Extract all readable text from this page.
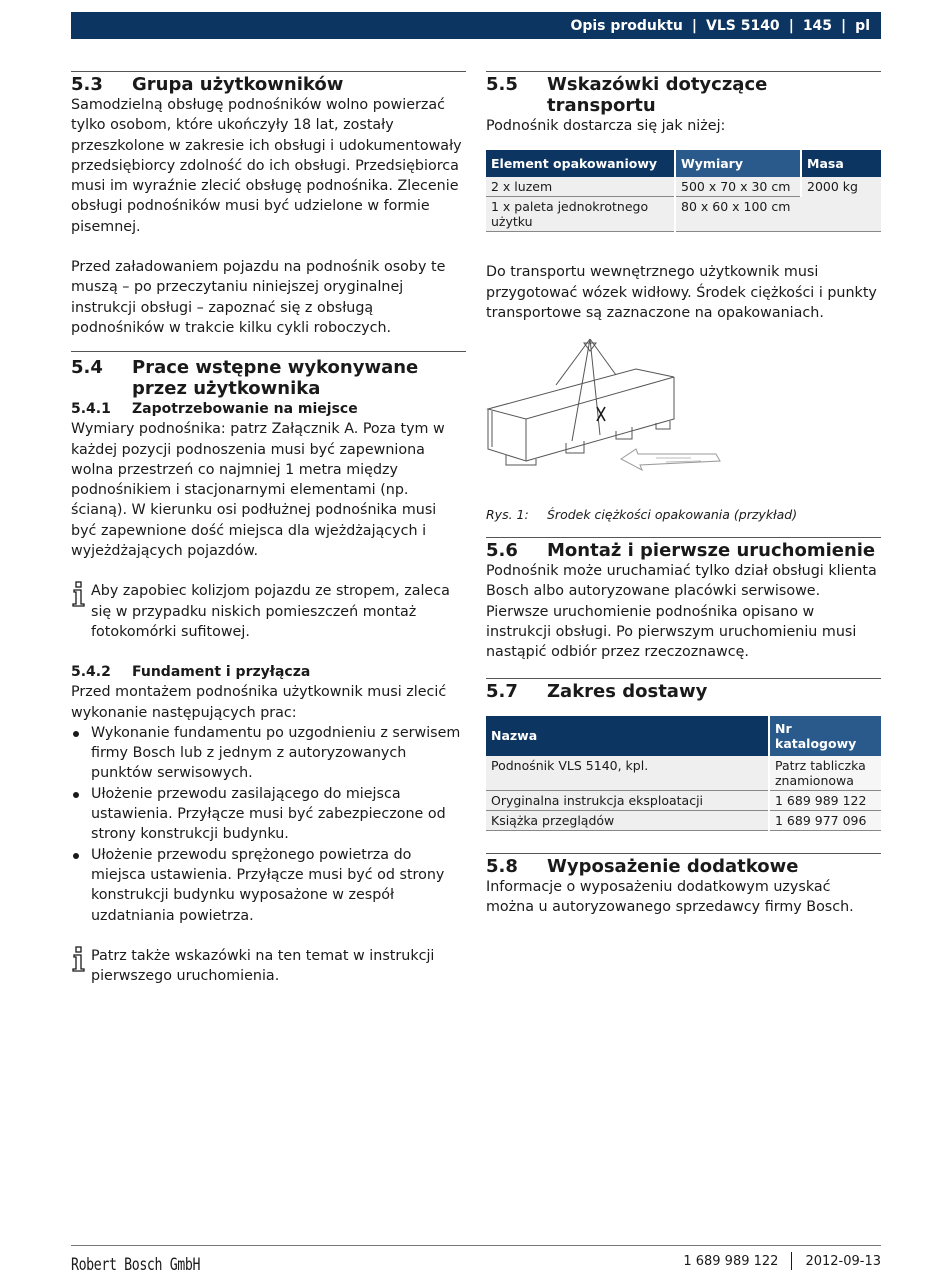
Opis produktu | VLS 5140 | 145 | pl
5.3	Grupa użytkowników

Samodzielną obsługę podnośników wolno powierzać tylko osobom, które ukończyły 18 lat, zostały przeszkolone w zakresie ich obsługi i udokumentowały przedsiębiorcy zdolność do ich obsługi. Przedsiębiorca musi im wyraźnie zlecić obsługę podnośnika. Zlecenie obsługi podnośników musi być udzielone w formie pisemnej.

Przed załadowaniem pojazdu na podnośnik osoby te muszą – po przeczytaniu niniejszej oryginalnej instrukcji obsługi – zapoznać się z obsługą podnośników w trakcie kilku cykli roboczych.

5.4	Prace wstępne wykonywane przez użytkownika
5.4.1	Zapotrzebowanie na miejsce

Wymiary podnośnika: patrz Załącznik A. Poza tym w każdej pozycji podnoszenia musi być zapewniona wolna przestrzeń co najmniej 1 metra między podnośnikiem i stacjonarnymi elementami (np. ścianą). W kierunku osi podłużnej podnośnika musi być zapewnione dość miejsca dla wjeżdżających i wyjeżdżających pojazdów.

Aby zapobiec kolizjom pojazdu ze stropem, zaleca się w przypadku niskich pomieszczeń montaż fotokomórki sufitowej.

5.4.2	Fundament i przyłącza

Przed montażem podnośnika użytkownik musi zlecić wykonanie następujących prac:

Wykonanie fundamentu po uzgodnieniu z serwisem firmy Bosch lub z jednym z autoryzowanych punktów serwisowych.
Ułożenie przewodu zasilającego do miejsca ustawienia. Przyłącze musi być zabezpieczone od strony konstrukcji budynku.
Ułożenie przewodu sprężonego powietrza do miejsca ustawienia. Przyłącze musi być od strony konstrukcji budynku wyposażone w zespół uzdatniania powietrza.

Patrz także wskazówki na ten temat w instrukcji pierwszego uruchomienia.

5.5	Wskazówki dotyczące transportu

Podnośnik dostarcza się jak niżej:

Element opakowaniowy	Wymiary	Masa
2 x luzem	500 x 70 x 30 cm	2000 kg
1 x paleta jednokrotnego użytku	80 x 60 x 100 cm	

Do transportu wewnętrznego użytkownik musi przygotować wózek widłowy. Środek ciężkości i punkty transportowe są zaznaczone na opakowaniach.

Rys. 1:	Środek ciężkości opakowania (przykład)
5.6	Montaż i pierwsze uruchomienie

Podnośnik może uruchamiać tylko dział obsługi klienta Bosch albo autoryzowane placówki serwisowe. Pierwsze uruchomienie podnośnika opisano w instrukcji obsługi. Po pierwszym uruchomieniu musi nastąpić odbiór przez rzeczoznawcę.

5.7	Zakres dostawy
Nazwa	Nr katalogowy
Podnośnik VLS 5140, kpl.	Patrz tabliczka znamionowa
Oryginalna instrukcja eksploatacji	1 689 989 122
Książka przeglądów	1 689 977 096
5.8	Wyposażenie dodatkowe

Informacje o wyposażeniu dodatkowym uzyskać można u autoryzowanego sprzedawcy firmy Bosch.

Robert Bosch GmbH	1 689 989 122 2012-09-13
